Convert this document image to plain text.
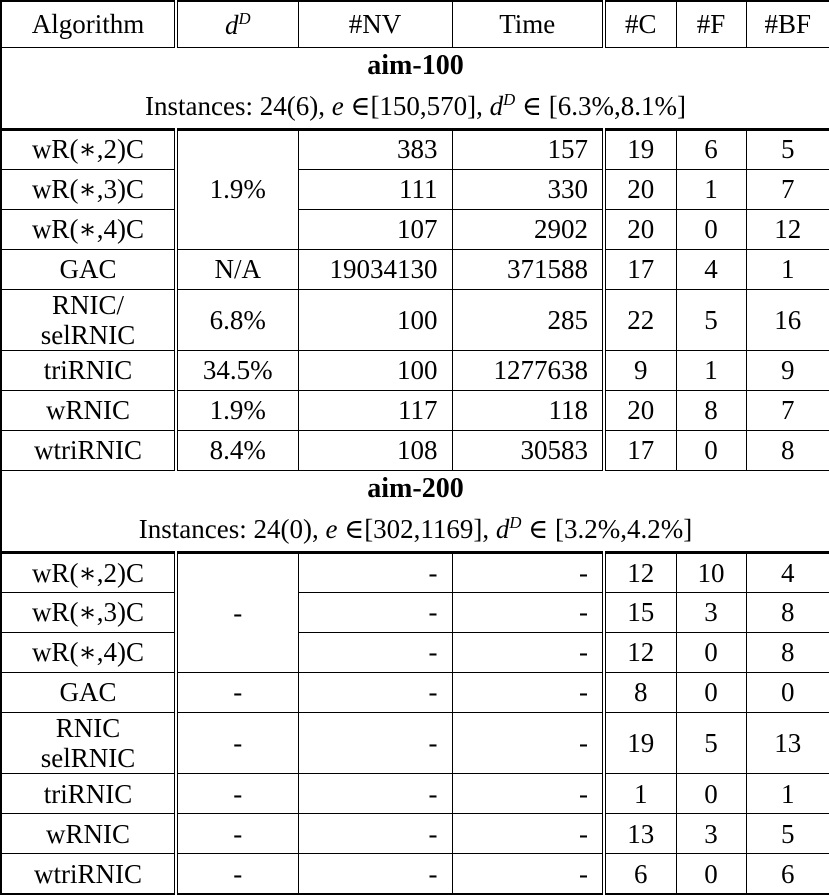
Algorithm	$d^D$	#NV	Time	#C	#F	#BF
aim-100						
Instances: 24(6), e ∈[150,570], $d^D$ ∈ [6.3%,8.1%]						
wR(∗,2)C	1.9%	383	157	19	6	5
wR(∗,3)C		111	330	20	1	7
wR(∗,4)C		107	2902	20	0	12
GAC	N/A	19034130	371588	17	4	1

RNIC/
selRNIC	6.8%	100	285	22	5	16
triRNIC	34.5%	100	1277638	9	1	9
wRNIC	1.9%	117	118	20	8	7
wtriRNIC	8.4%	108	30583	17	0	8
aim-200						
Instances: 24(0), e ∈[302,1169], $d^D$ ∈ [3.2%,4.2%]						
wR(∗,2)C	-	-	-	12	10	4
wR(∗,3)C		-	-	15	3	8
wR(∗,4)C		-	-	12	0	8
GAC	-	-	-	8	0	0

RNIC
selRNIC	-	-	-	19	5	13
triRNIC	-	-	-	1	0	1
wRNIC	-	-	-	13	3	5
wtriRNIC	-	-	-	6	0	6
